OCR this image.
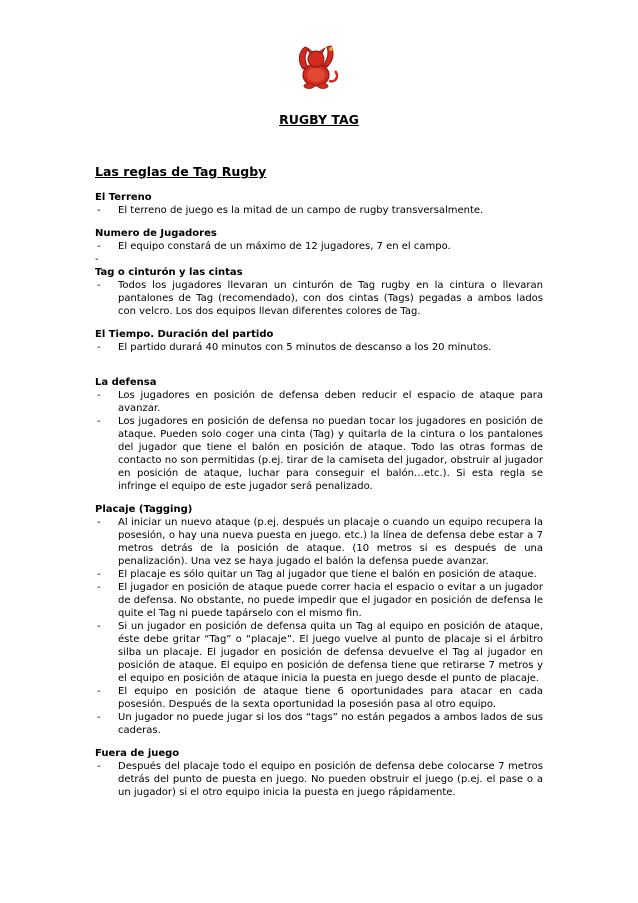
RUGBY TAG
Las reglas de Tag Rugby

El Terreno

- El terreno de juego es la mitad de un campo de rugby transversalmente.

Numero de Jugadores

- El equipo constará de un máximo de 12 jugadores, 7 en el campo.
-

Tag o cinturón y las cintas

- Todos los jugadores llevaran un cinturón de Tag rugby en la cintura o llevaran pantalones de Tag (recomendado), con dos cintas (Tags) pegadas a ambos lados con velcro. Los dos equipos llevan diferentes colores de Tag.

El Tiempo. Duración del partido

- El partido durará 40 minutos con 5 minutos de descanso a los 20 minutos.

La defensa

- Los jugadores en posición de defensa deben reducir el espacio de ataque para avanzar.
- Los jugadores en posición de defensa no puedan tocar los jugadores en posición de ataque. Pueden solo coger una cinta (Tag) y quitarla de la cintura o los pantalones del jugador que tiene el balón en posición de ataque. Todo las otras formas de contacto no son permitidas (p.ej. tirar de la camiseta del jugador, obstruir al jugador en posición de ataque, luchar para conseguir el balón…etc.). Si esta regla se infringe el equipo de este jugador será penalizado.

Placaje (Tagging)

- Al iniciar un nuevo ataque (p.ej. después un placaje o cuando un equipo recupera la posesión, o hay una nueva puesta en juego. etc.) la línea de defensa debe estar a 7 metros detrás de la posición de ataque. (10 metros si es después de una penalización). Una vez se haya jugado el balón la defensa puede avanzar.
- El placaje es sólo quitar un Tag al jugador que tiene el balón en posición de ataque.
- El jugador en posición de ataque puede correr hacia el espacio o evitar a un jugador de defensa. No obstante, no puede impedir que el jugador en posición de defensa le quite el Tag ni puede tapárselo con el mismo fin.
- Si un jugador en posición de defensa quita un Tag al equipo en posición de ataque, éste debe gritar “Tag” o “placaje”. El juego vuelve al punto de placaje si el árbitro silba un placaje. El jugador en posición de defensa devuelve el Tag al jugador en posición de ataque. El equipo en posición de defensa tiene que retirarse 7 metros y el equipo en posición de ataque inicia la puesta en juego desde el punto de placaje.
- El equipo en posición de ataque tiene 6 oportunidades para atacar en cada posesión. Después de la sexta oportunidad la posesión pasa al otro equipo.
- Un jugador no puede jugar si los dos “tags” no están pegados a ambos lados de sus caderas.

Fuera de juego

- Después del placaje todo el equipo en posición de defensa debe colocarse 7 metros detrás del punto de puesta en juego. No pueden obstruir el juego (p.ej. el pase o a un jugador) si el otro equipo inicia la puesta en juego rápidamente.
